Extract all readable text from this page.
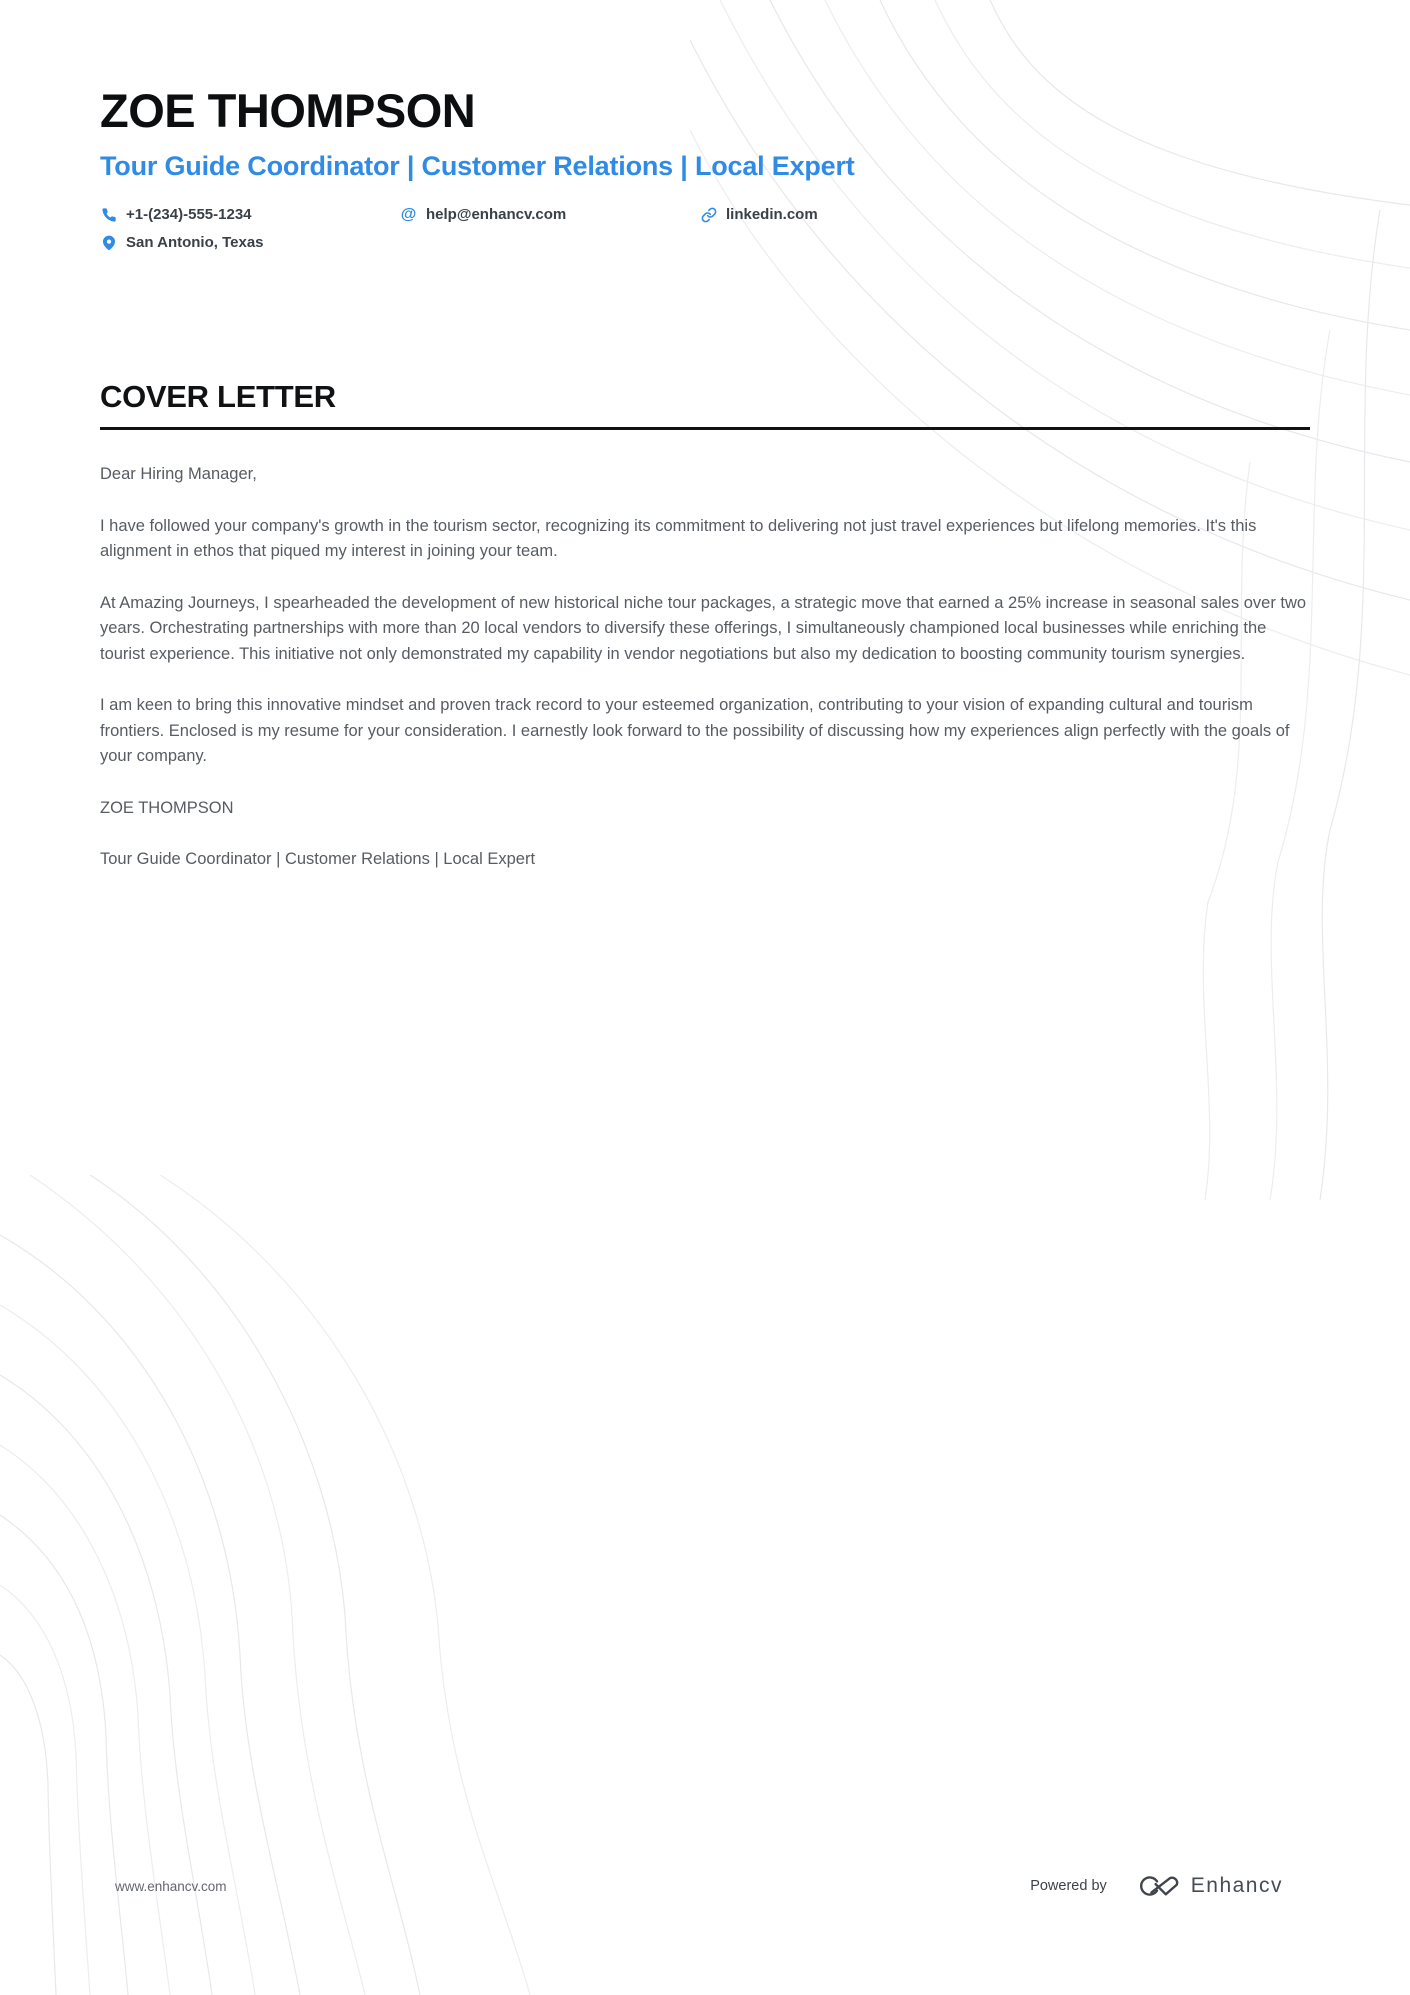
ZOE THOMPSON
Tour Guide Coordinator | Customer Relations | Local Expert
+1-(234)-555-1234	@ help@enhancv.com	linkedin.com
San Antonio, Texas
COVER LETTER

Dear Hiring Manager,

I have followed your company's growth in the tourism sector, recognizing its commitment to delivering not just travel experiences but lifelong memories. It's this alignment in ethos that piqued my interest in joining your team.

At Amazing Journeys, I spearheaded the development of new historical niche tour packages, a strategic move that earned a 25% increase in seasonal sales over two years. Orchestrating partnerships with more than 20 local vendors to diversify these offerings, I simultaneously championed local businesses while enriching the tourist experience. This initiative not only demonstrated my capability in vendor negotiations but also my dedication to boosting community tourism synergies.

I am keen to bring this innovative mindset and proven track record to your esteemed organization, contributing to your vision of expanding cultural and tourism frontiers. Enclosed is my resume for your consideration. I earnestly look forward to the possibility of discussing how my experiences align perfectly with the goals of your company.

ZOE THOMPSON

Tour Guide Coordinator | Customer Relations | Local Expert

www.enhancv.com	Powered by	Enhancv
